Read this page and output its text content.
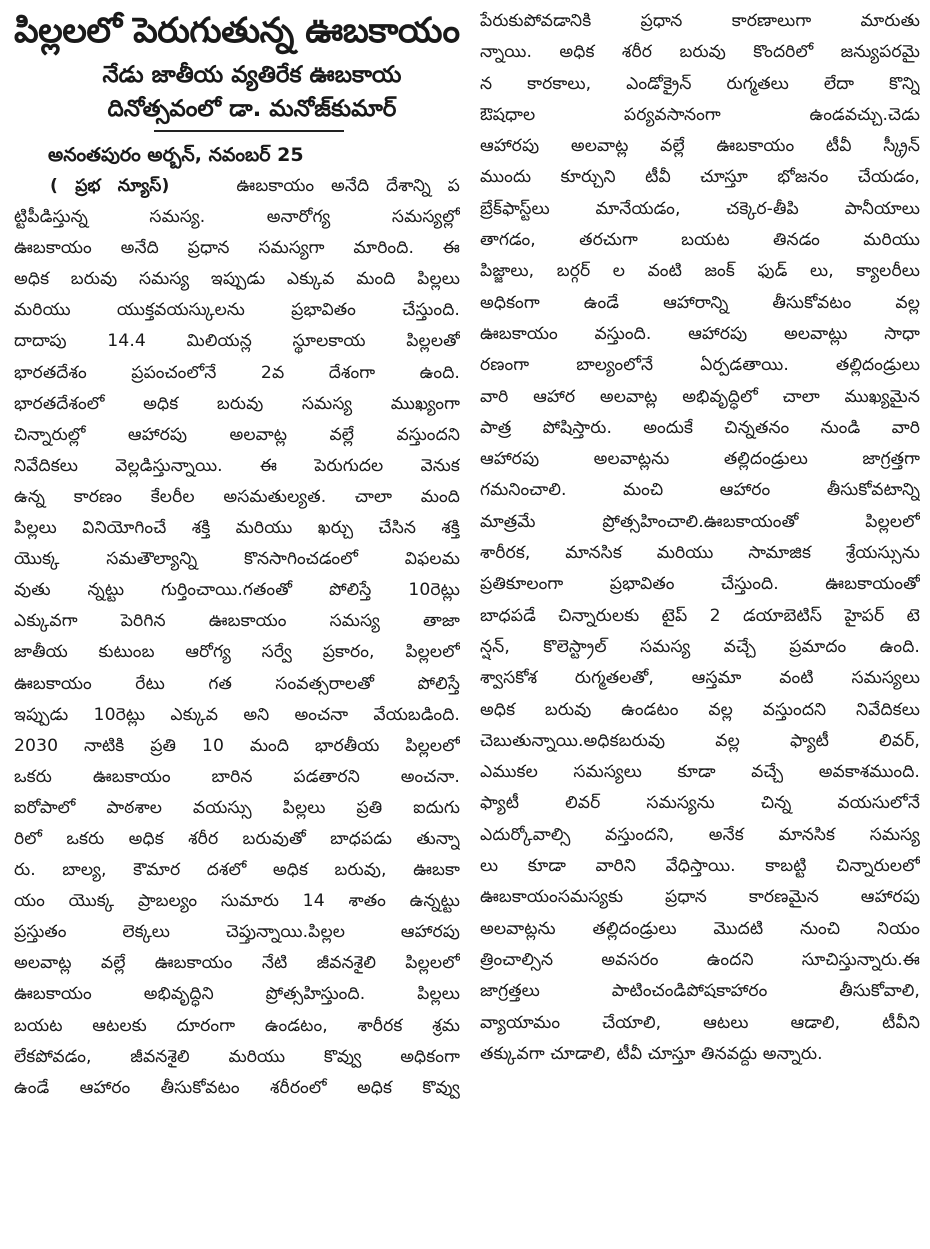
పిల్లలలో పెరుగుతున్న ఊబకాయం
నేడు జాతీయ వ్యతిరేక ఊబకాయ
దినోత్సవంలో డా. మనోజ్‌కుమార్
అనంతపురం అర్బన్, నవంబర్ 25
( ప్రభ న్యూస్)	ఊబకాయం అనేది దేశాన్ని ప
ట్టిపీడిస్తున్న సమస్య. అనారోగ్య సమస్యల్లో
ఊబకాయం అనేది ప్రధాన సమస్యగా మారింది. ఈ
అధిక బరువు సమస్య ఇప్పుడు ఎక్కువ మంది పిల్లలు
మరియు యుక్తవయస్కులను ప్రభావితం చేస్తుంది.
దాదాపు 14.4 మిలియన్ల స్థూలకాయ పిల్లలతో
భారతదేశం ప్రపంచంలోనే 2వ దేశంగా ఉంది.
భారతదేశంలో అధిక బరువు సమస్య ముఖ్యంగా
చిన్నారుల్లో ఆహారపు అలవాట్ల వల్లే వస్తుందని
నివేదికలు వెల్లడిస్తున్నాయి. ఈ పెరుగుదల వెనుక
ఉన్న కారణం కేలరీల అసమతుల్యత. చాలా మంది
పిల్లలు వినియోగించే శక్తి మరియు ఖర్చు చేసిన శక్తి
యొక్క సమతౌల్యాన్ని కొనసాగించడంలో విఫలమ
వుతు న్నట్టు గుర్తించాయి.గతంతో పోలిస్తే 10రెట్లు
ఎక్కువగా పెరిగిన ఊబకాయం సమస్య తాజా
జాతీయ కుటుంబ ఆరోగ్య సర్వే ప్రకారం, పిల్లలలో
ఊబకాయం రేటు గత సంవత్సరాలతో పోలిస్తే
ఇప్పుడు 10రెట్లు ఎక్కువ అని అంచనా వేయబడింది.
2030 నాటికి ప్రతి 10 మంది భారతీయ పిల్లలలో
ఒకరు ఊబకాయం బారిన పడతారని అంచనా.
ఐరోపాలో పాఠశాల వయస్సు పిల్లలు ప్రతి ఐదుగు
రిలో ఒకరు అధిక శరీర బరువుతో బాధపడు తున్నా
రు. బాల్య, కౌమార దశలో అధిక బరువు, ఊబకా
యం యొక్క ప్రాబల్యం సుమారు 14 శాతం ఉన్నట్టు
ప్రస్తుతం లెక్కలు చెప్తున్నాయి.పిల్లల ఆహారపు
అలవాట్ల వల్లే ఊబకాయం నేటి జీవనశైలి పిల్లలలో
ఊబకాయం అభివృద్ధిని ప్రోత్సహిస్తుంది. పిల్లలు
బయట ఆటలకు దూరంగా ఉండటం, శారీరక శ్రమ
లేకపోవడం, జీవనశైలి మరియు కొవ్వు అధికంగా
ఉండే ఆహారం తీసుకోవటం శరీరంలో అధిక కొవ్వు
పేరుకుపోవడానికి ప్రధాన కారణాలుగా మారుతు
న్నాయి. అధిక శరీర బరువు కొందరిలో జన్యుపరమై
న కారకాలు, ఎండోక్రైన్ రుగ్మతలు లేదా కొన్ని
ఔషధాల పర్యవసానంగా ఉండవచ్చు.చెడు
ఆహారపు అలవాట్ల వల్లే ఊబకాయం టీవీ స్క్రీన్
ముందు కూర్చుని టీవీ చూస్తూ భోజనం చేయడం,
బ్రేక్‌ఫాస్ట్‌లు మానేయడం, చక్కెర-తీపి పానీయాలు
తాగడం, తరచుగా బయట తినడం మరియు
పిజ్జాలు, బర్గర్ ల వంటి జంక్ ఫుడ్ లు, క్యాలరీలు
అధికంగా ఉండే ఆహారాన్ని తీసుకోవటం వల్ల
ఊబకాయం వస్తుంది. ఆహారపు అలవాట్లు సాధా
రణంగా బాల్యంలోనే ఏర్పడతాయి. తల్లిదండ్రులు
వారి ఆహార అలవాట్ల అభివృద్ధిలో చాలా ముఖ్యమైన
పాత్ర పోషిస్తారు. అందుకే చిన్నతనం నుండి వారి
ఆహారపు అలవాట్లను తల్లిదండ్రులు జాగ్రత్తగా
గమనించాలి. మంచి ఆహారం తీసుకోవటాన్ని
మాత్రమే ప్రోత్సహించాలి.ఊబకాయంతో పిల్లలలో
శారీరక, మానసిక మరియు సామాజిక శ్రేయస్సును
ప్రతికూలంగా ప్రభావితం చేస్తుంది. ఊబకాయంతో
బాధపడే చిన్నారులకు టైప్ 2 డయాబెటిస్ హైపర్ టె
న్షన్, కొలెస్ట్రాల్ సమస్య వచ్చే ప్రమాదం ఉంది.
శ్వాసకోశ రుగ్మతలతో, ఆస్తమా వంటి సమస్యలు
అధిక బరువు ఉండటం వల్ల వస్తుందని నివేదికలు
చెబుతున్నాయి.అధికబరువు వల్ల ఫ్యాటీ లివర్,
ఎముకల సమస్యలు కూడా వచ్చే అవకాశముంది.
ఫ్యాటీ లివర్ సమస్యను చిన్న వయసులోనే
ఎదుర్కోవాల్సి వస్తుందని, అనేక మానసిక సమస్య
లు కూడా వారిని వేధిస్తాయి. కాబట్టి చిన్నారులలో
ఊబకాయంసమస్యకు ప్రధాన కారణమైన ఆహారపు
అలవాట్లను తల్లిదండ్రులు మొదటి నుంచి నియం
త్రించాల్సిన అవసరం ఉందని సూచిస్తున్నారు.ఈ
జాగ్రత్తలు పాటించండిపోషకాహారం తీసుకోవాలి,
వ్యాయామం చేయాలి, ఆటలు ఆడాలి, టీవీని
తక్కువగా చూడాలి, టీవీ చూస్తూ తినవద్దు అన్నారు.
